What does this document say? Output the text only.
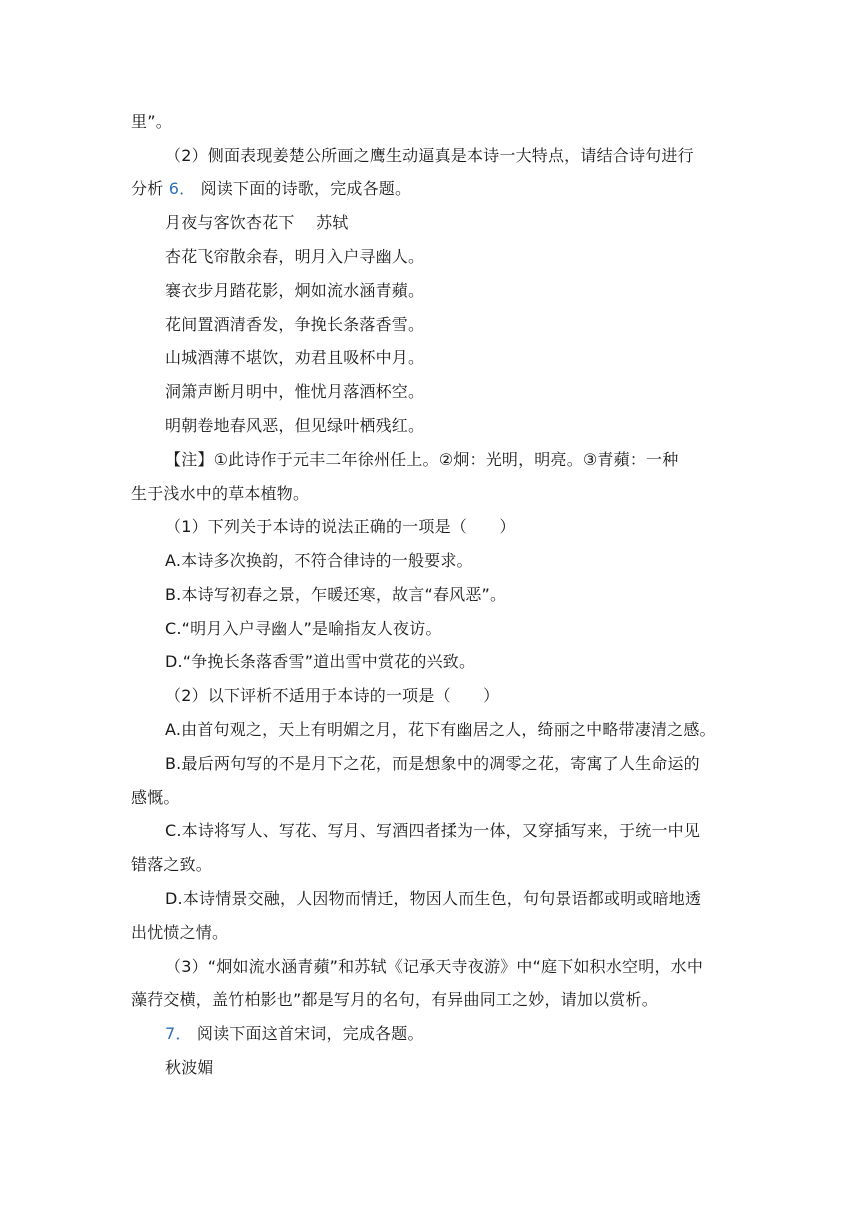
里”。
（2）侧面表现姜楚公所画之鹰生动逼真是本诗一大特点，请结合诗句进行
分析 6． 阅读下面的诗歌，完成各题。
月夜与客饮杏花下　 苏轼
杏花飞帘散余春，明月入户寻幽人。
褰衣步月踏花影，炯如流水涵青蘋。
花间置酒清香发，争挽长条落香雪。
山城酒薄不堪饮，劝君且吸杯中月。
洞箫声断月明中，惟忧月落酒杯空。
明朝卷地春风恶，但见绿叶栖残红。
【注】①此诗作于元丰二年徐州任上。②炯：光明，明亮。③青蘋：一种
生于浅水中的草本植物。
（1）下列关于本诗的说法正确的一项是（　　）
A.本诗多次换韵，不符合律诗的一般要求。
B.本诗写初春之景，乍暖还寒，故言“春风恶”。
C.“明月入户寻幽人”是喻指友人夜访。
D.“争挽长条落香雪”道出雪中赏花的兴致。
（2）以下评析不适用于本诗的一项是（　　）
A.由首句观之，天上有明媚之月，花下有幽居之人，绮丽之中略带凄清之感。
B.最后两句写的不是月下之花，而是想象中的凋零之花，寄寓了人生命运的
感慨。
C.本诗将写人、写花、写月、写酒四者揉为一体，又穿插写来，于统一中见
错落之致。
D.本诗情景交融，人因物而情迁，物因人而生色，句句景语都或明或暗地透
出忧愤之情。
（3）“炯如流水涵青蘋”和苏轼《记承天寺夜游》中“庭下如积水空明，水中
藻荇交横，盖竹柏影也”都是写月的名句，有异曲同工之妙，请加以赏析。
7． 阅读下面这首宋词，完成各题。
秋波媚
